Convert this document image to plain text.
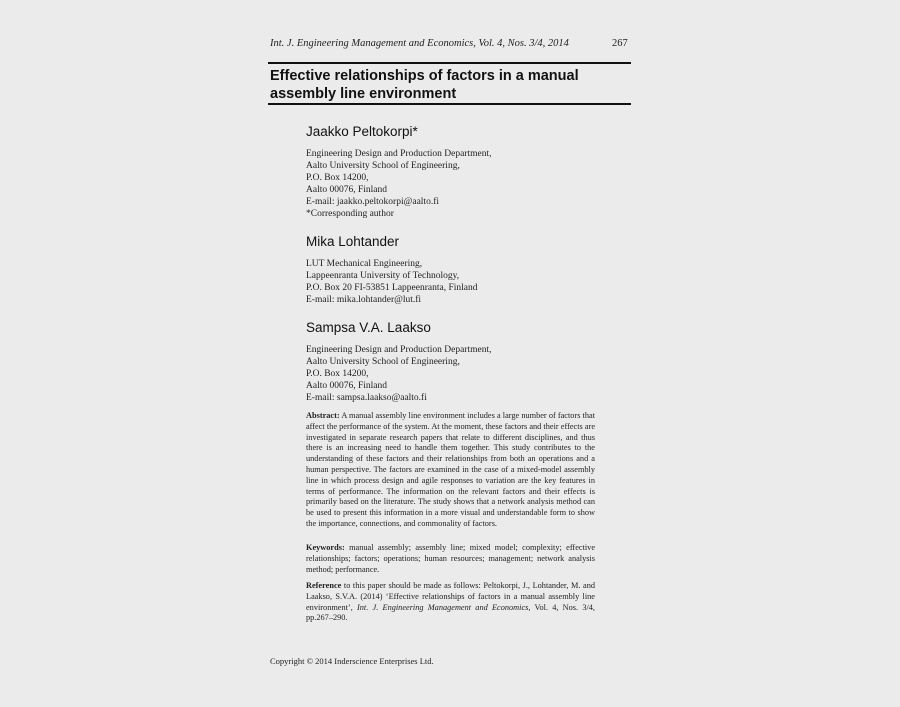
Int. J. Engineering Management and Economics, Vol. 4, Nos. 3/4, 2014	267
Effective relationships of factors in a manual
assembly line environment
Jaakko Peltokorpi*
Engineering Design and Production Department,
Aalto University School of Engineering,
P.O. Box 14200,
Aalto 00076, Finland
E-mail: jaakko.peltokorpi@aalto.fi
*Corresponding author
Mika Lohtander
LUT Mechanical Engineering,
Lappeenranta University of Technology,
P.O. Box 20 FI-53851 Lappeenranta, Finland
E-mail: mika.lohtander@lut.fi
Sampsa V.A. Laakso
Engineering Design and Production Department,
Aalto University School of Engineering,
P.O. Box 14200,
Aalto 00076, Finland
E-mail: sampsa.laakso@aalto.fi
Abstract: A manual assembly line environment includes a large number of factors that affect the performance of the system. At the moment, these factors and their effects are investigated in separate research papers that relate to different disciplines, and thus there is an increasing need to handle them together. This study contributes to the understanding of these factors and their relationships from both an operations and a human perspective. The factors are examined in the case of a mixed-model assembly line in which process design and agile responses to variation are the key features in terms of performance. The information on the relevant factors and their effects is primarily based on the literature. The study shows that a network analysis method can be used to present this information in a more visual and understandable form to show the importance, connections, and commonality of factors.
Keywords: manual assembly; assembly line; mixed model; complexity; effective relationships; factors; operations; human resources; management; network analysis method; performance.
Reference to this paper should be made as follows: Peltokorpi, J., Lohtander, M. and Laakso, S.V.A. (2014) ‘Effective relationships of factors in a manual assembly line environment’, Int. J. Engineering Management and Economics, Vol. 4, Nos. 3/4, pp.267–290.
Copyright © 2014 Inderscience Enterprises Ltd.
